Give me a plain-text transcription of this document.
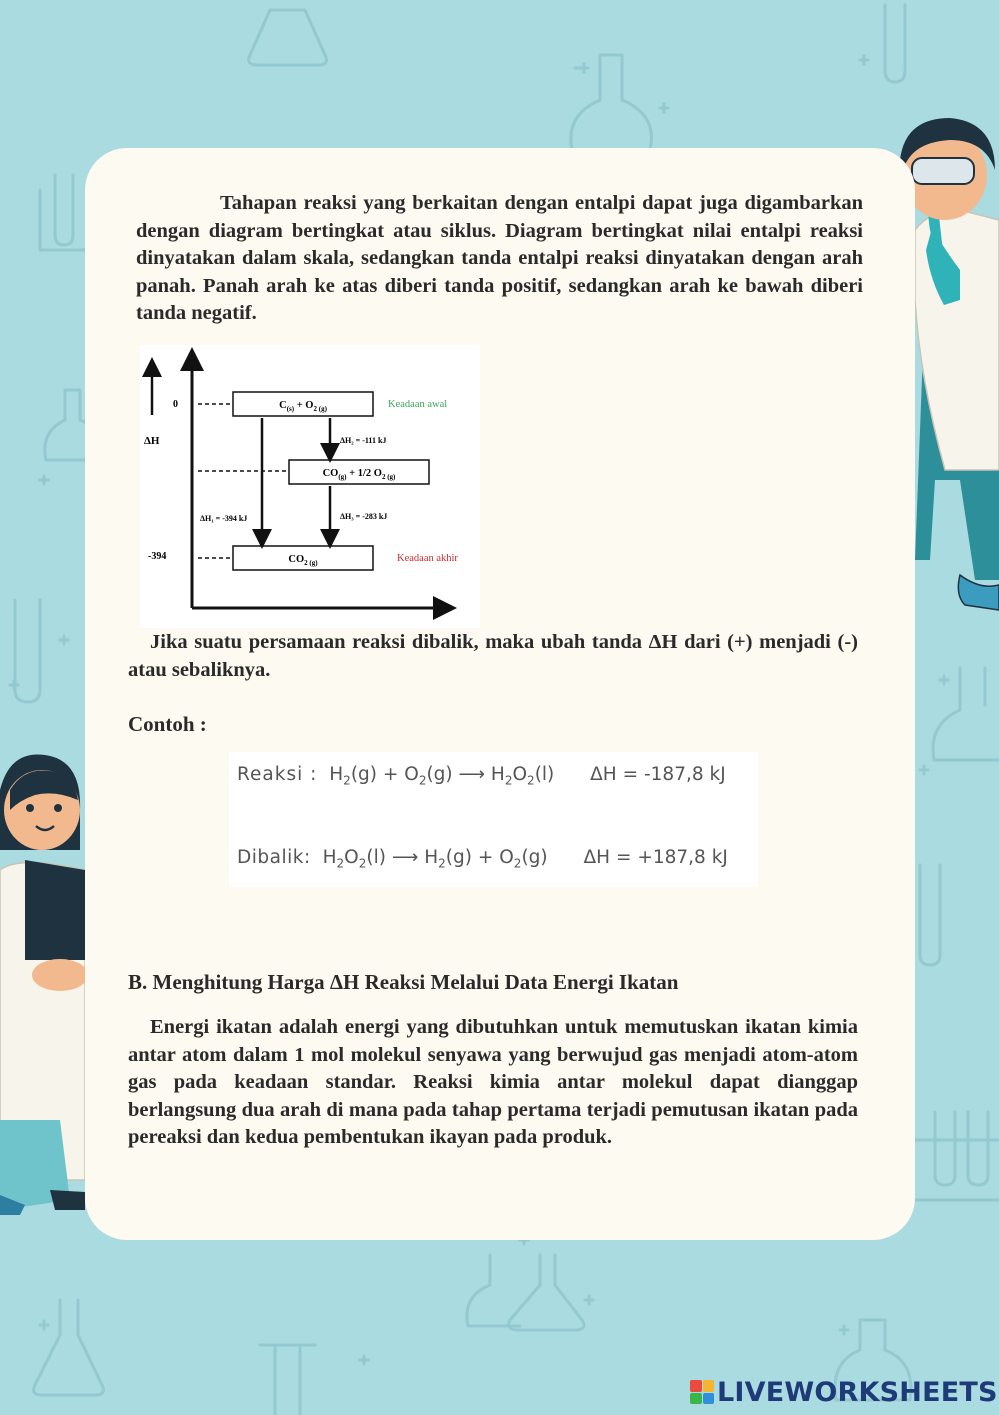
Tahapan reaksi yang berkaitan dengan entalpi dapat juga digambarkan dengan diagram bertingkat atau siklus. Diagram bertingkat nilai entalpi reaksi dinyatakan dalam skala, sedangkan tanda entalpi reaksi dinyatakan dengan arah panah. Panah arah ke atas diberi tanda positif, sedangkan arah ke bawah diberi tanda negatif.

ΔH
0
-394
$C_{(s)} + O_2$ (g)
$CO_{(g)} + 1/2$ $O_2$ (g)
$CO_{2 (g)}$
ΔH₁ = -394 kJ
ΔH₂ = -111 kJ
ΔH₃ = -283 kJ
Keadaan awal
Keadaan akhir

Jika suatu persamaan reaksi dibalik, maka ubah tanda ΔH dari (+) menjadi (-) atau sebaliknya.

Contoh :

Reaksi : $H_2(g) + O_2(g)$ ⟶ $H_2O_2(l) \Delta H = -187,8$ kJ
Dibalik: $H_2O_2(l)$ ⟶ $H_2(g) + O_2(g) \Delta H = +187,8$ kJ

B. Menghitung Harga ΔH Reaksi Melalui Data Energi Ikatan

Energi ikatan adalah energi yang dibutuhkan untuk memutuskan ikatan kimia antar atom dalam 1 mol molekul senyawa yang berwujud gas menjadi atom-atom gas pada keadaan standar. Reaksi kimia antar molekul dapat dianggap berlangsung dua arah di mana pada tahap pertama terjadi pemutusan ikatan pada pereaksi dan kedua pembentukan ikayan pada produk.

LIVEWORKSHEETS
